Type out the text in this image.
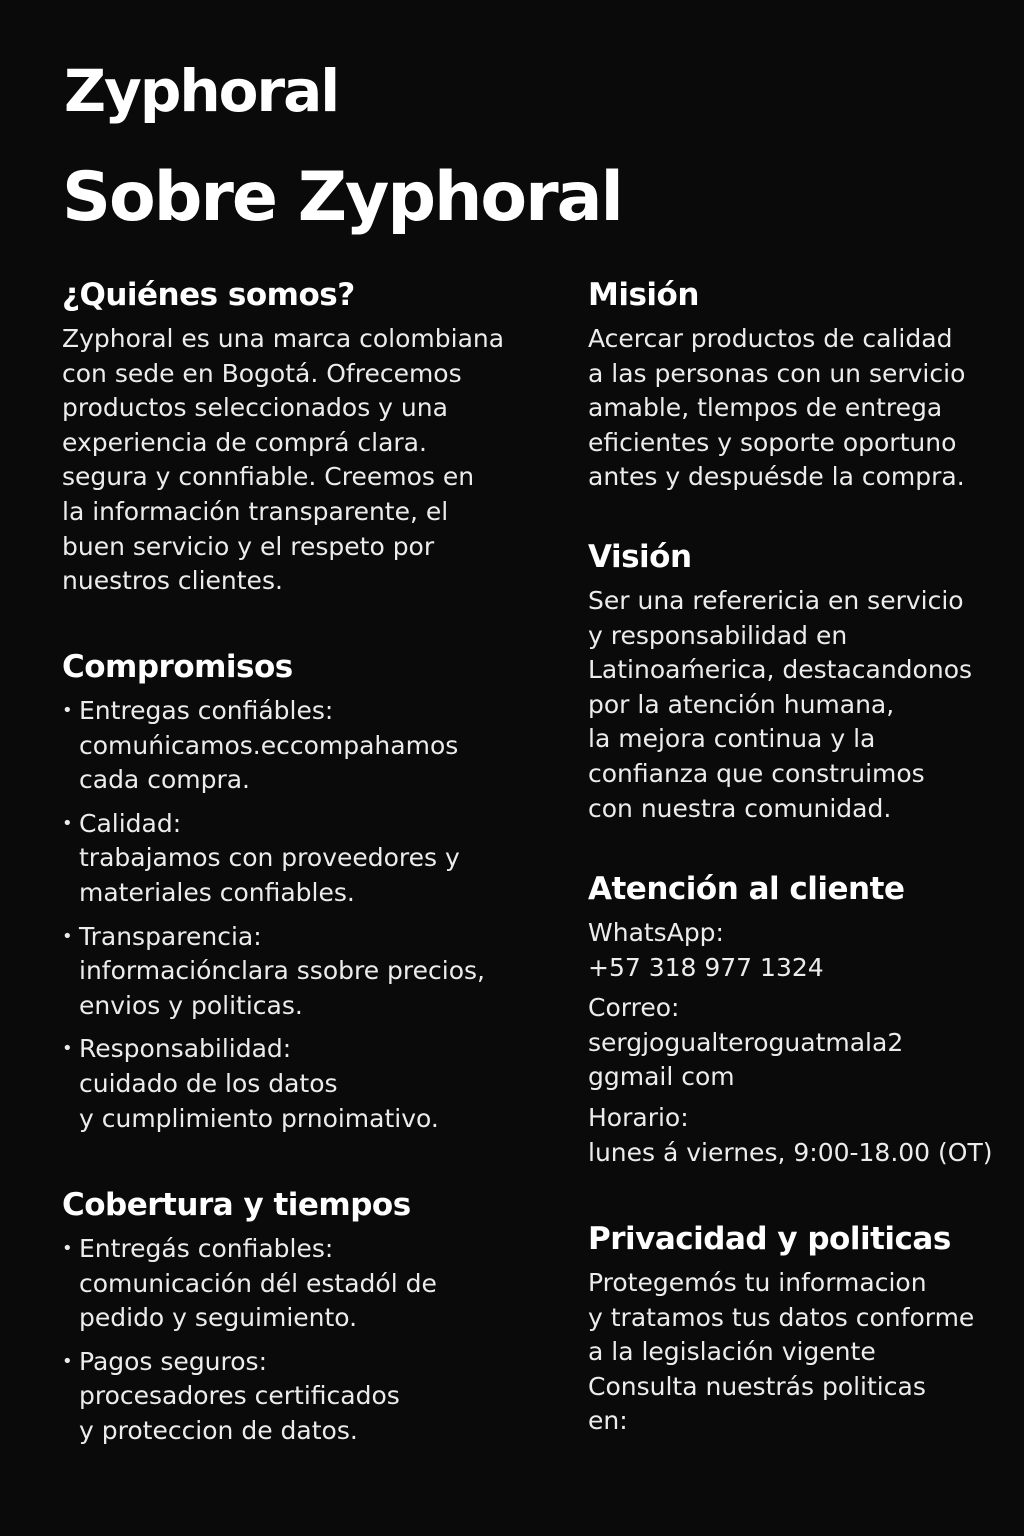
Zyphoral
Sobre Zyphoral
¿Quiénes somos?

Zyphoral es una marca colombiana
con sede en Bogotá. Ofrecemos
productos seleccionados y una
experiencia de comprá clara.
segura y connfiable. Creemos en
la información transparente, el
buen servicio y el respeto por
nuestros clientes.

Compromisos
• Entregas confiábles:
comuńicamos.eccompahamos
cada compra.
• Calidad:
trabajamos con proveedores y
materiales confiables.
• Transparencia:
informaciónclara ssobre precios,
envios y politicas.
• Responsabilidad:
cuidado de los datos
y cumplimiento prnoimativo.
Cobertura y tiempos
• Entregás confiables:
comunicación dél estadól de
pedido y seguimiento.
• Pagos seguros:
procesadores certificados
y proteccion de datos.
Misión

Acercar productos de calidad
a las personas con un servicio
amable, tlempos de entrega
eficientes y soporte oportuno
antes y despuésde la compra.

Visión

Ser una referericia en servicio
y responsabilidad en
Latinoaḿerica, destacandonos
por la atención humana,
la mejora continua y la
confianza que construimos
con nuestra comunidad.

Atención al cliente
WhatsApp:
+57 318 977 1324
Correo:
sergjogualteroguatmala2
ggmail com
Horario:
lunes á viernes, 9:00-18.00 (OT)
Privacidad y politicas

Protegemós tu informacion
y tratamos tus datos conforme
a la legislación vigente
Consulta nuestrás politicas
en:
